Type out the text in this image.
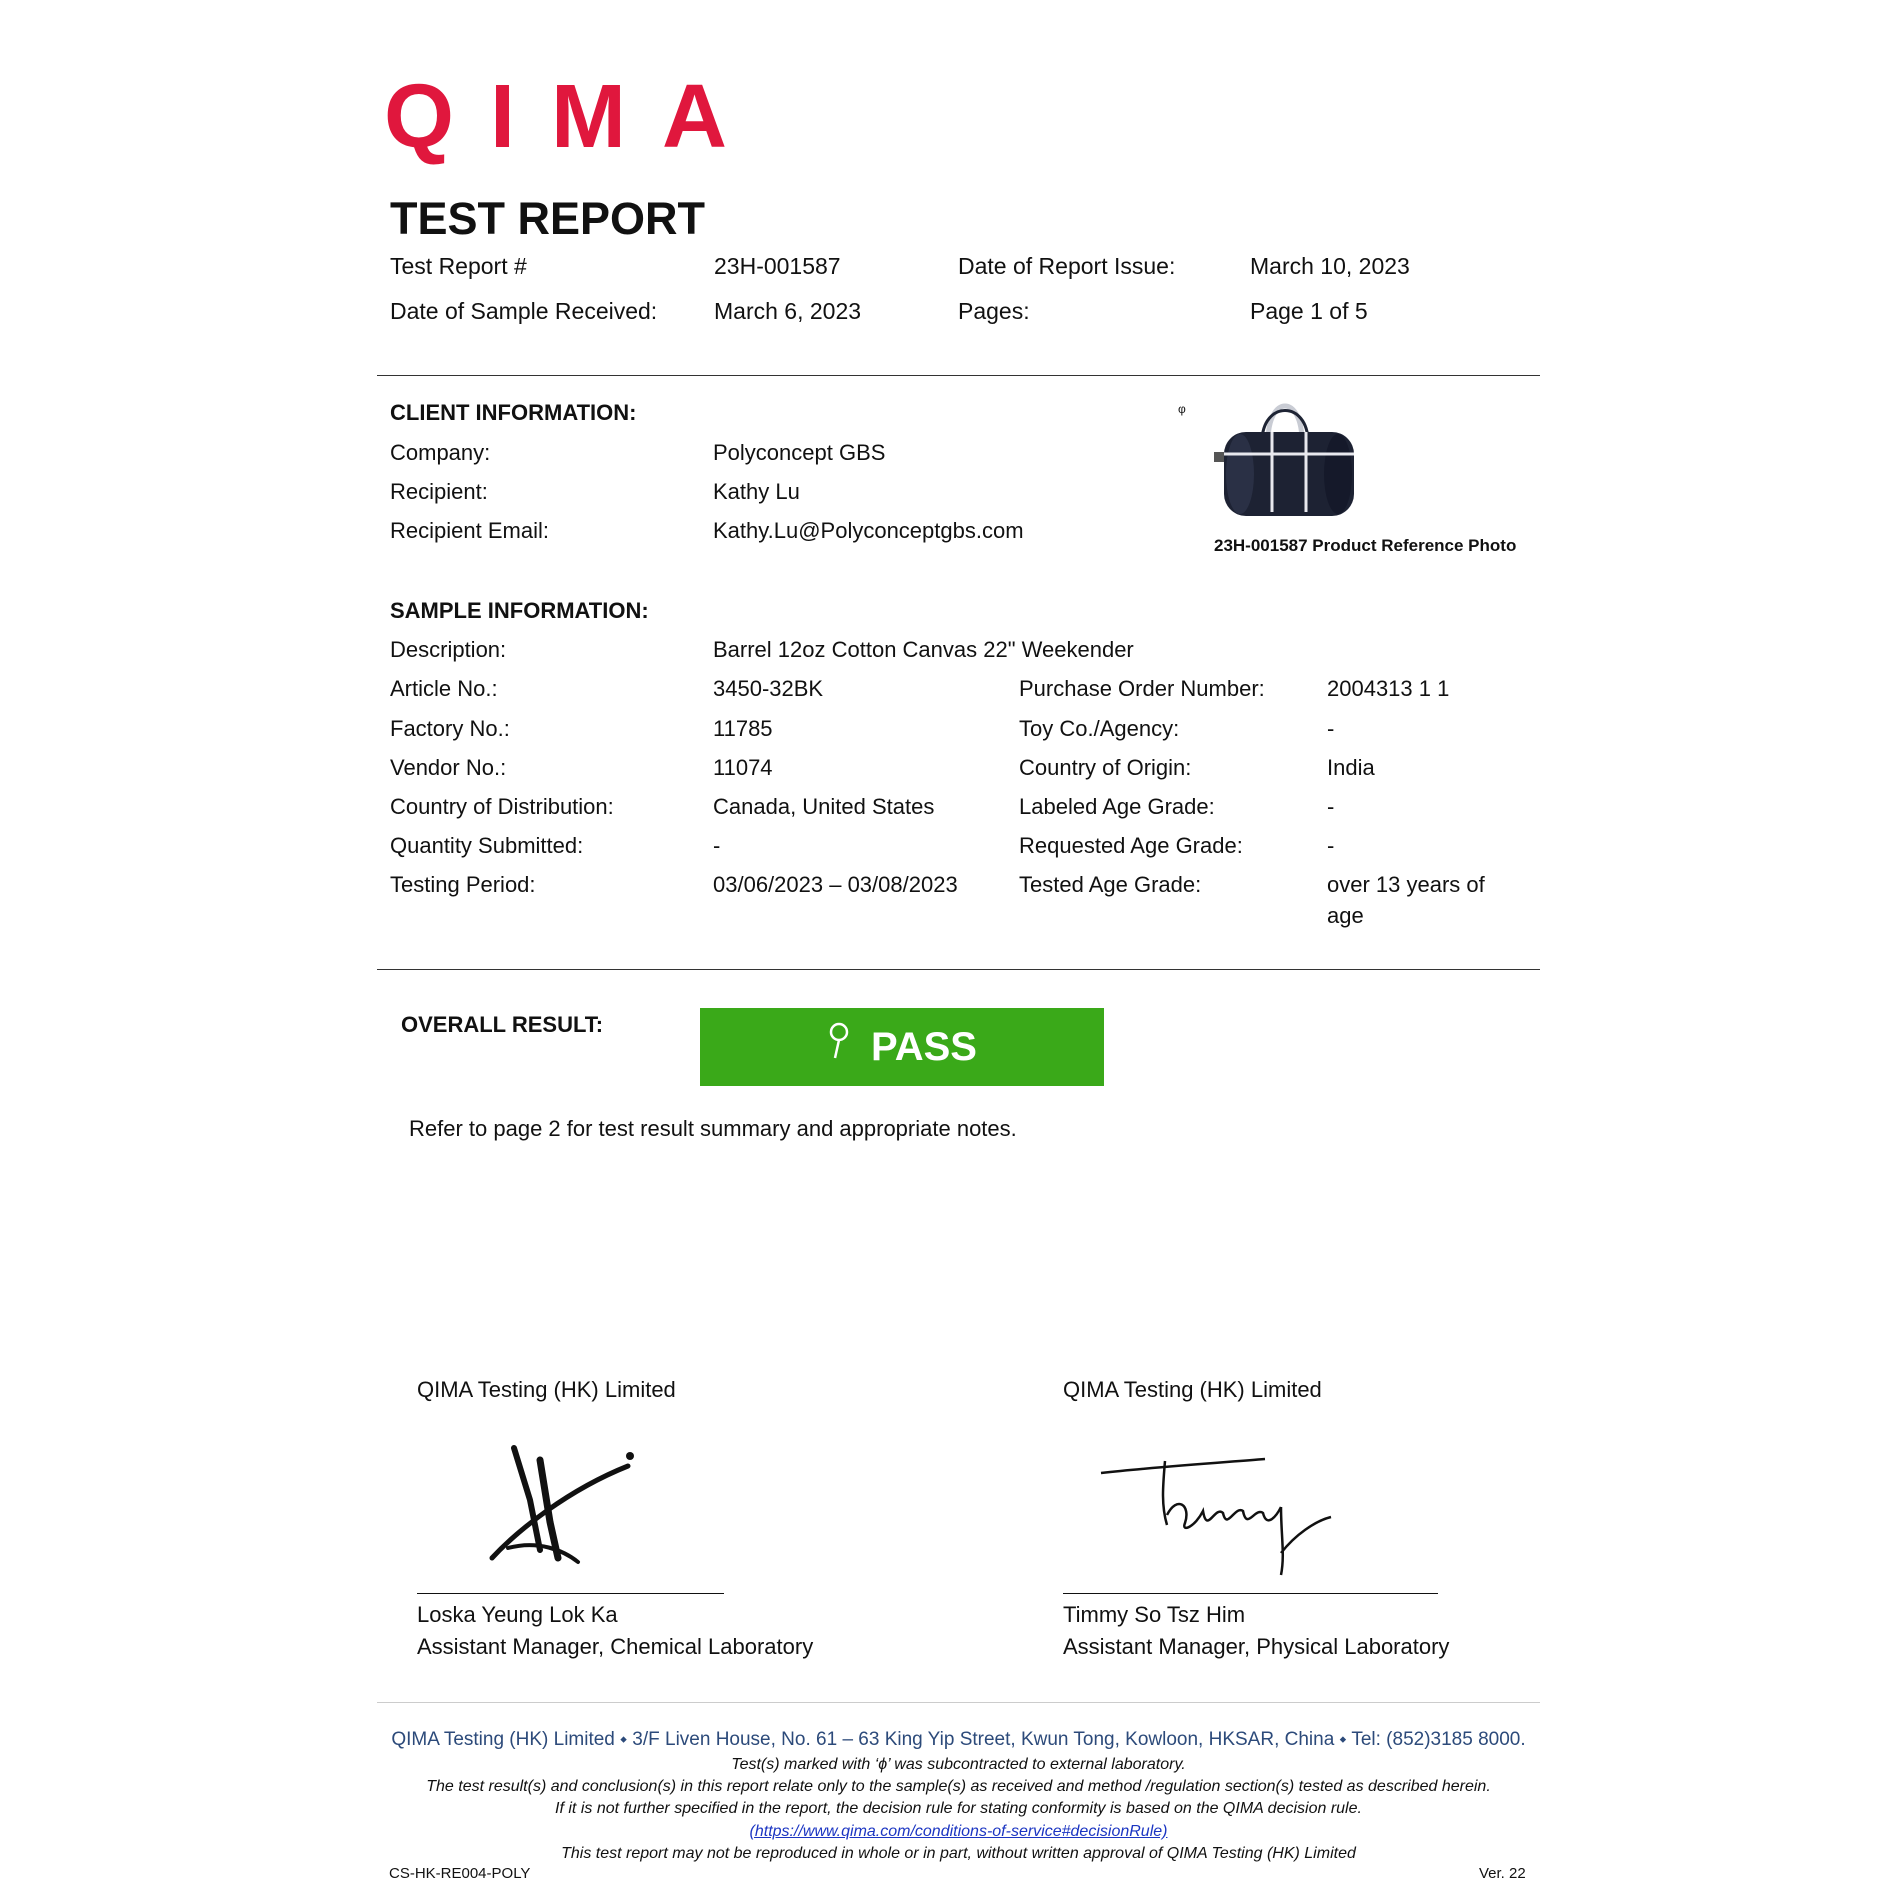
QIMA
TEST REPORT
Test Report #	23H-001587	Date of Report Issue:	March 10, 2023
Date of Sample Received: March 6, 2023	Pages:	Page 1 of 5
CLIENT INFORMATION:
Company:	Polyconcept GBS
Recipient:	Kathy Lu
Recipient Email:	Kathy.Lu@Polyconceptgbs.com
φ
23H-001587 Product Reference Photo
SAMPLE INFORMATION:
Description:	Barrel 12oz Cotton Canvas 22" Weekender
Article No.:	3450-32BK	Purchase Order Number:	2004313 1 1
Factory No.:	11785	Toy Co./Agency:	-
Vendor No.:	11074	Country of Origin:	India
Country of Distribution:	Canada, United States	Labeled Age Grade:	-
Quantity Submitted:	-	Requested Age Grade:	-
Testing Period:	03/06/2023 – 03/08/2023	Tested Age Grade:	over 13 years of
age
OVERALL RESULT:	PASS
Refer to page 2 for test result summary and appropriate notes.
QIMA Testing (HK) Limited
Loska Yeung Lok Ka
Assistant Manager, Chemical Laboratory
QIMA Testing (HK) Limited
Timmy So Tsz Him
Assistant Manager, Physical Laboratory
QIMA Testing (HK) Limited ⬩ 3/F Liven House, No. 61 – 63 King Yip Street, Kwun Tong, Kowloon, HKSAR, China ⬩ Tel: (852)3185 8000.
Test(s) marked with ‘ϕ’ was subcontracted to external laboratory.
The test result(s) and conclusion(s) in this report relate only to the sample(s) as received and method /regulation section(s) tested as described herein.
If it is not further specified in the report, the decision rule for stating conformity is based on the QIMA decision rule.
(https://www.qima.com/conditions-of-service#decisionRule)
This test report may not be reproduced in whole or in part, without written approval of QIMA Testing (HK) Limited
CS-HK-RE004-POLY	Ver. 22
